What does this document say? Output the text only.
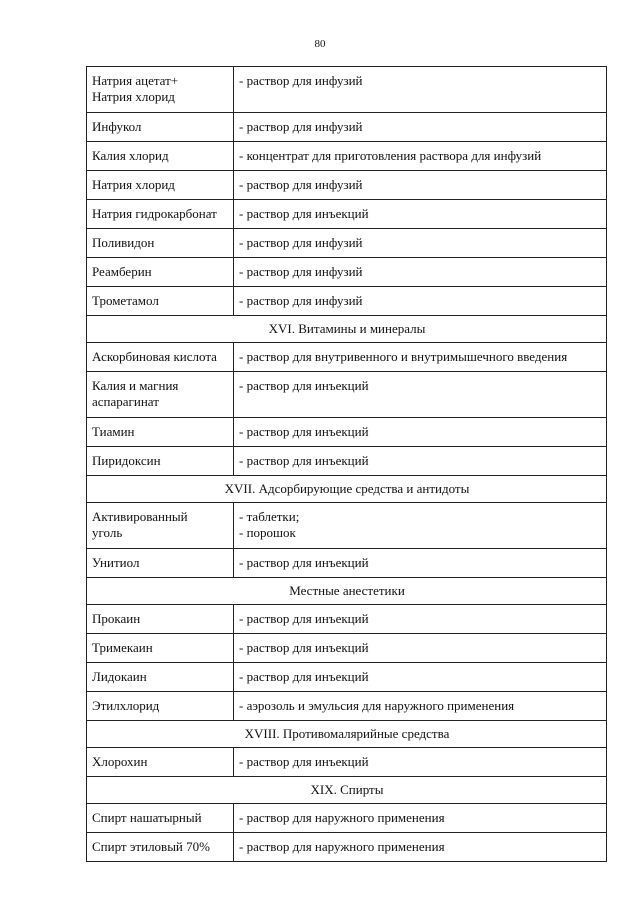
80
Натрия ацетат+
Натрия хлорид	- раствор для инфузий
Инфукол	- раствор для инфузий
Калия хлорид	- концентрат для приготовления раствора для инфузий
Натрия хлорид	- раствор для инфузий
Натрия гидрокарбонат	- раствор для инъекций
Поливидон	- раствор для инфузий
Реамберин	- раствор для инфузий
Трометамол	- раствор для инфузий
XVI. Витамины и минералы	
Аскорбиновая кислота	- раствор для внутривенного и внутримышечного введения
Калия и магния
аспарагинат	- раствор для инъекций
Тиамин	- раствор для инъекций
Пиридоксин	- раствор для инъекций
XVII. Адсорбирующие средства и антидоты	
Активированный
уголь	- таблетки;
- порошок
Унитиол	- раствор для инъекций
Местные анестетики	
Прокаин	- раствор для инъекций
Тримекаин	- раствор для инъекций
Лидокаин	- раствор для инъекций
Этилхлорид	- аэрозоль и эмульсия для наружного применения
XVIII. Противомалярийные средства	
Хлорохин	- раствор для инъекций
XIX. Спирты	
Спирт нашатырный	- раствор для наружного применения
Спирт этиловый 70%	- раствор для наружного применения
